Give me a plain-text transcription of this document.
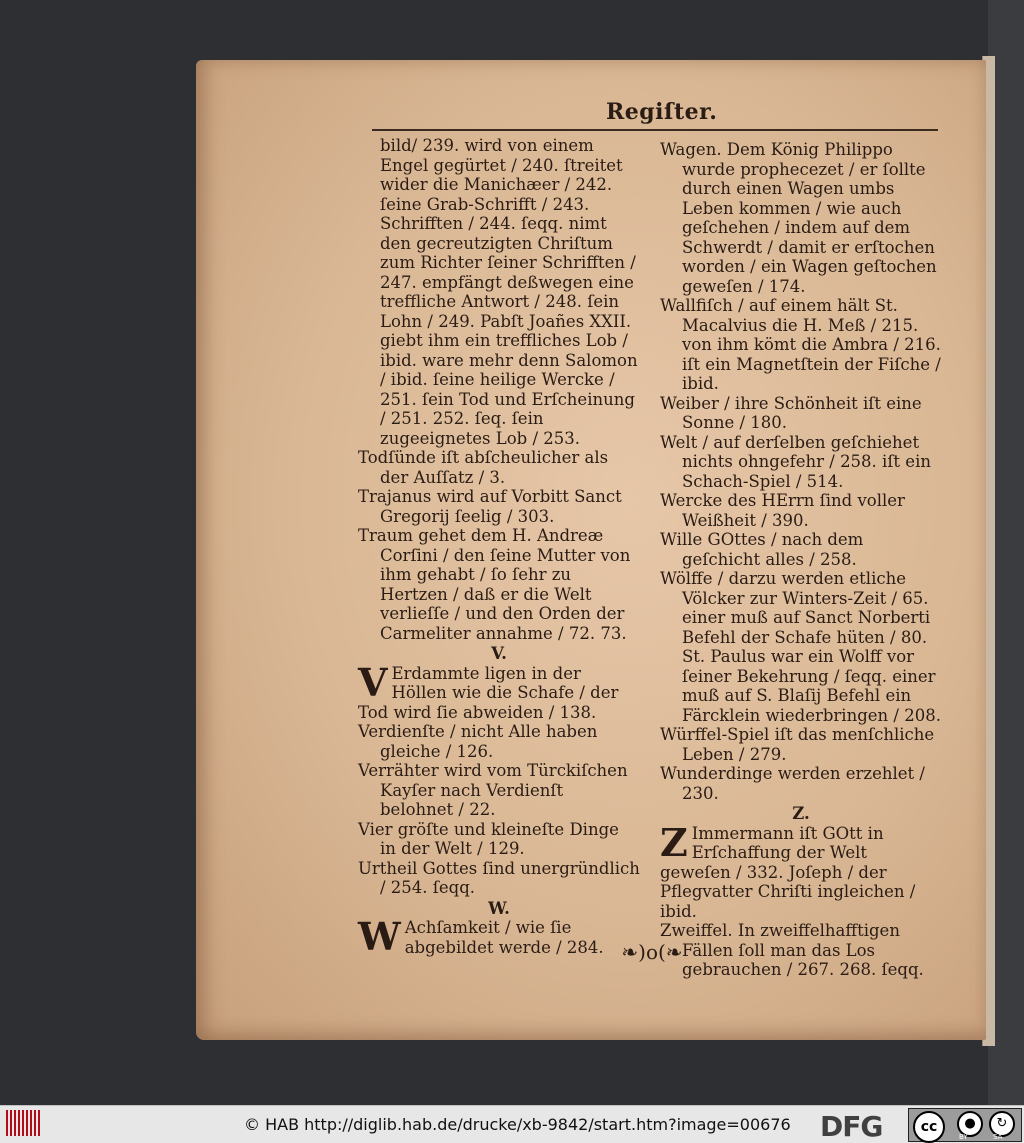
Regiſter.

bild/ 239. wird von einem Engel gegürtet / 240. ſtreitet wider die Manichæer / 242. ſeine Grab-Schrifft / 243. Schrifften / 244. ſeqq. nimt den gecreutzigten Chriſtum zum Richter ſeiner Schrifften / 247. empfängt deßwegen eine treffliche Antwort / 248. ſein Lohn / 249. Pabſt Joañes XXII. giebt ihm ein treffliches Lob / ibid. ware mehr denn Salomon / ibid. ſeine heilige Wercke / 251. ſein Tod und Erſcheinung / 251. 252. ſeq. ſein zugeeignetes Lob / 253.

Todſünde iſt abſcheulicher als der Auſſatz / 3.

Trajanus wird auf Vorbitt Sanct Gregorij ſeelig / 303.

Traum gehet dem H. Andreæ Corſini / den ſeine Mutter von ihm gehabt / ſo ſehr zu Hertzen / daß er die Welt verlieſſe / und den Orden der Carmeliter annahme / 72. 73.

V.

V Erdammte ligen in der Höllen wie die Schafe / der Tod wird ſie abweiden / 138.

Verdienſte / nicht Alle haben gleiche / 126.

Verrähter wird vom Türckiſchen Kayſer nach Verdienſt belohnet / 22.

Vier gröſte und kleineſte Dinge in der Welt / 129.

Urtheil Gottes ſind unergründlich / 254. ſeqq.

W.

W Achſamkeit / wie ſie abgebildet werde / 284.

Wagen. Dem König Philippo wurde prophecezet / er ſollte durch einen Wagen umbs Leben kommen / wie auch geſchehen / indem auf dem Schwerdt / damit er erſtochen worden / ein Wagen geſtochen geweſen / 174.

Wallfiſch / auf einem hält St. Macalvius die H. Meß / 215. von ihm kömt die Ambra / 216. iſt ein Magnetſtein der Fiſche / ibid.

Weiber / ihre Schönheit iſt eine Sonne / 180.

Welt / auf derſelben geſchiehet nichts ohngefehr / 258. iſt ein Schach-Spiel / 514.

Wercke des HErrn ſind voller Weißheit / 390.

Wille GOttes / nach dem geſchicht alles / 258.

Wölffe / darzu werden etliche Völcker zur Winters-Zeit / 65. einer muß auf Sanct Norberti Befehl der Schafe hüten / 80. St. Paulus war ein Wolff vor ſeiner Bekehrung / ſeqq. einer muß auf S. Blaſij Befehl ein Färcklein wiederbringen / 208.

Würffel-Spiel iſt das menſchliche Leben / 279.

Wunderdinge werden erzehlet / 230.

Z.

Z Immermann iſt GOtt in Erſchaffung der Welt geweſen / 332. Joſeph / der Pflegvatter Chriſti ingleichen / ibid.

Zweiffel. In zweiffelhafftigen Fällen ſoll man das Los gebrauchen / 267. 268. ſeqq.

❧)o(❧
© HAB http://diglib.hab.de/drucke/xb-9842/start.htm?image=00676 DFG	cc	●	↻
BY	SA
